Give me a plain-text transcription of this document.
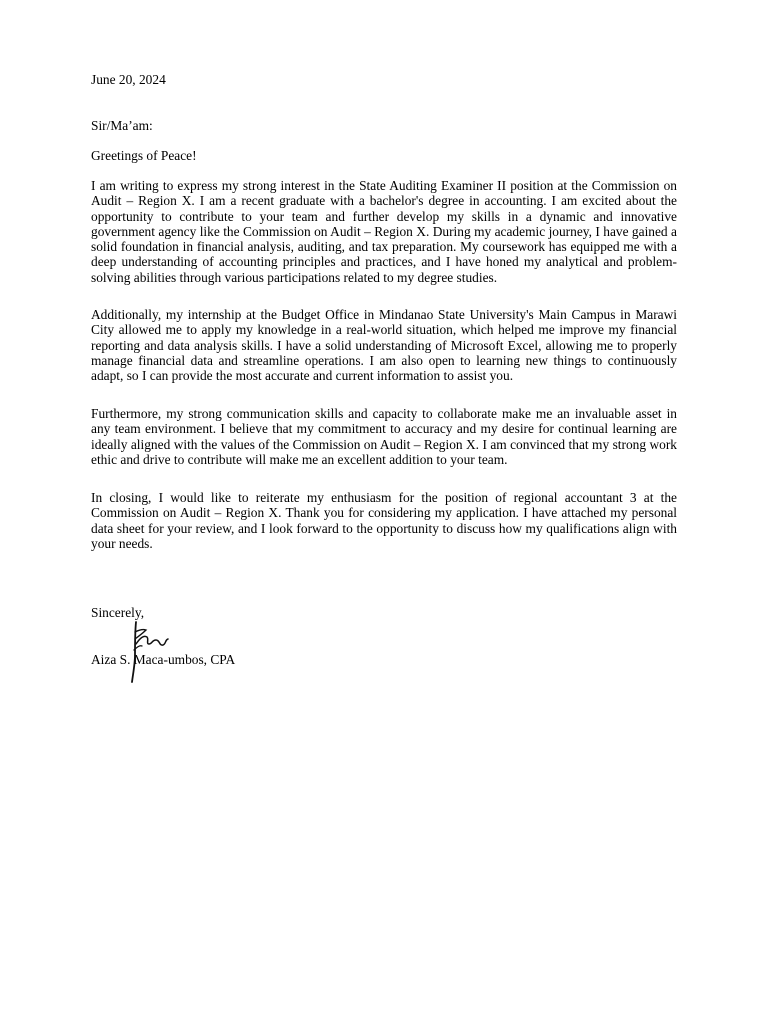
June 20, 2024

Sir/Ma’am:

Greetings of Peace!

I am writing to express my strong interest in the State Auditing Examiner II position at the Commission on Audit – Region X. I am a recent graduate with a bachelor's degree in accounting. I am excited about the opportunity to contribute to your team and further develop my skills in a dynamic and innovative government agency like the Commission on Audit – Region X. During my academic journey, I have gained a solid foundation in financial analysis, auditing, and tax preparation. My coursework has equipped me with a deep understanding of accounting principles and practices, and I have honed my analytical and problem-solving abilities through various participations related to my degree studies.

Additionally, my internship at the Budget Office in Mindanao State University's Main Campus in Marawi City allowed me to apply my knowledge in a real-world situation, which helped me improve my financial reporting and data analysis skills. I have a solid understanding of Microsoft Excel, allowing me to properly manage financial data and streamline operations. I am also open to learning new things to continuously adapt, so I can provide the most accurate and current information to assist you.

Furthermore, my strong communication skills and capacity to collaborate make me an invaluable asset in any team environment. I believe that my commitment to accuracy and my desire for continual learning are ideally aligned with the values of the Commission on Audit – Region X. I am convinced that my strong work ethic and drive to contribute will make me an excellent addition to your team.

In closing, I would like to reiterate my enthusiasm for the position of regional accountant 3 at the Commission on Audit – Region X. Thank you for considering my application. I have attached my personal data sheet for your review, and I look forward to the opportunity to discuss how my qualifications align with your needs.

Sincerely,

Aiza S. Maca-umbos, CPA
